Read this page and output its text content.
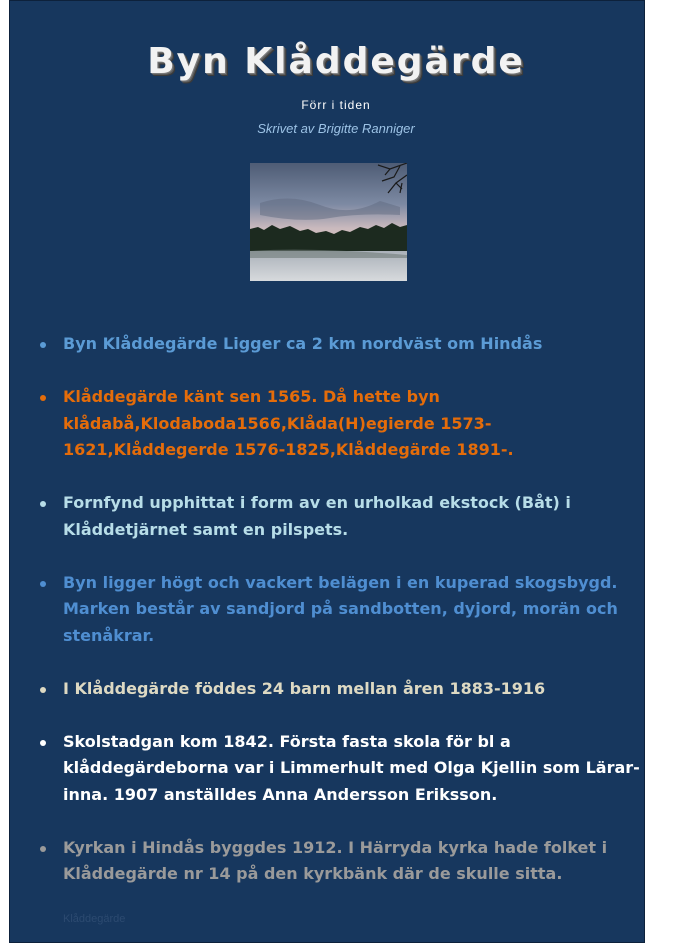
Byn Klåddegärde
Förr i tiden
Skrivet av Brigitte Ranniger
Byn Klåddegärde Ligger ca 2 km nordväst om Hindås
Klåddegärde känt sen 1565. Då hette byn klådabå,Klodaboda1566,Klåda(H)egierde 1573-1621,Klåddegerde 1576-1825,Klåddegärde 1891-.
Fornfynd upphittat i form av en urholkad ekstock (Båt) i Klåddetjärnet samt en pilspets.
Byn ligger högt och vackert belägen i en kuperad skogsbygd. Marken består av sandjord på sandbotten, dyjord, morän och stenåkrar.
I Klåddegärde föddes 24 barn mellan åren 1883-1916
Skolstadgan kom 1842. Första fasta skola för bl a klåddegärdeborna var i Limmerhult med Olga Kjellin som Lärar-inna. 1907 anställdes Anna Andersson Eriksson.
Kyrkan i Hindås byggdes 1912. I Härryda kyrka hade folket i Klåddegärde nr 14 på den kyrkbänk där de skulle sitta.
Klåddegärde
